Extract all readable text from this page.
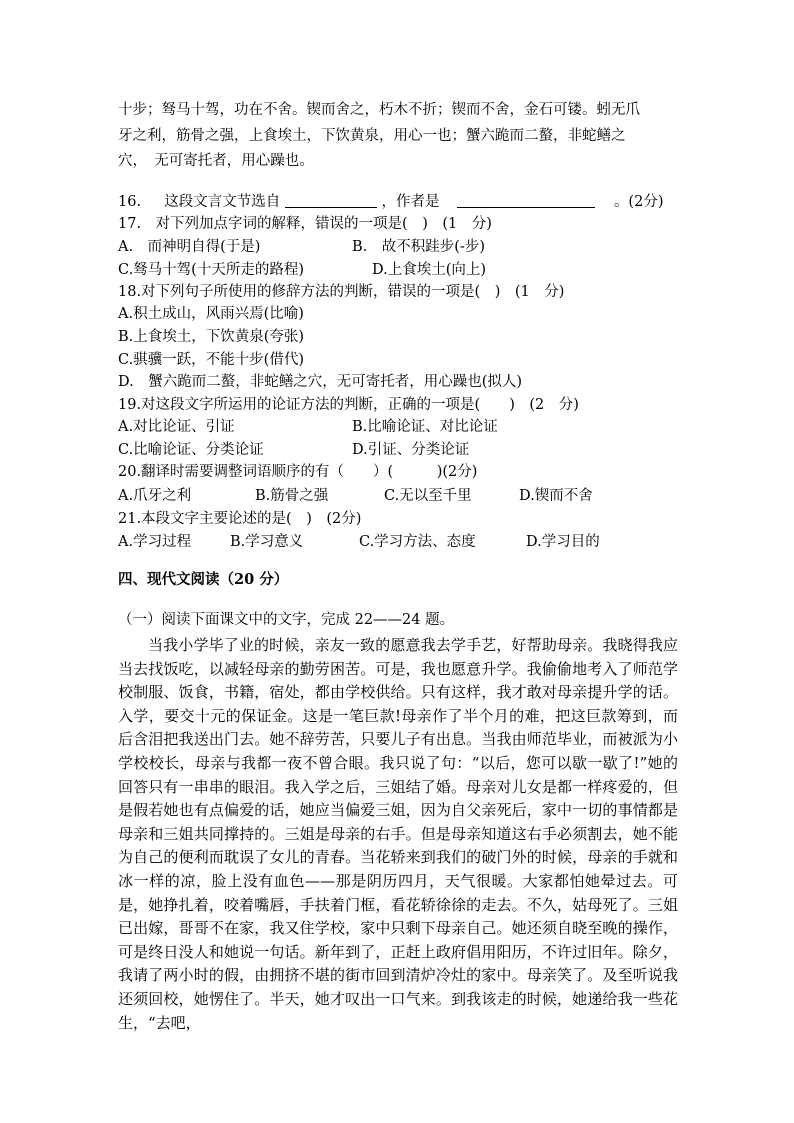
十步；驽马十驾，功在不舍。锲而舍之，朽木不折；锲而不舍，金石可镂。蚓无爪
牙之利，筋骨之强，上食埃土，下饮黄泉，用心一也；蟹六跪而二螯，非蛇鳝之
穴，　无可寄托者，用心躁也。
16. 这段文言文节选自	，作者是	。(2分)
17.　对下列加点字词的解释，错误的一项是(　)　(1　分)
A.　而神明自得(于是)	B.　故不积跬步(-步)
C.驽马十驾(十天所走的路程)	D.上食埃土(向上)
18.对下列句子所使用的修辞方法的判断，错误的一项是(　)　(1　分)
A.积土成山，风雨兴焉(比喻)
B.上食埃土，下饮黄泉(夸张)
C.骐骥一跃，不能十步(借代)
D.　蟹六跪而二螯，非蛇鳝之穴，无可寄托者，用心躁也(拟人)
19.对这段文字所运用的论证方法的判断，正确的一项是(　　)　(2　分)
A.对比论证、引证	B.比喻论证、对比论证
C.比喻论证、分类论证	D.引证、分类论证
20.翻译时需要调整词语顺序的有（　　）(　　　)(2分)
A.爪牙之利	B.筋骨之强	C.无以至千里	D.锲而不舍
21.本段文字主要论述的是(　)　(2分)
A.学习过程	B.学习意义	C.学习方法、态度	D.学习目的
四、现代文阅读（20 分）
（一）阅读下面课文中的文字，完成 22——24 题。

当我小学毕了业的时候，亲友一致的愿意我去学手艺，好帮助母亲。我晓得我应当去找饭吃，以减轻母亲的勤劳困苦。可是，我也愿意升学。我偷偷地考入了师范学校制服、饭食，书籍，宿处，都由学校供给。只有这样，我才敢对母亲提升学的话。入学，要交十元的保证金。这是一笔巨款!母亲作了半个月的难，把这巨款筹到，而后含泪把我送出门去。她不辞劳苦，只要儿子有出息。当我由师范毕业，而被派为小学校校长，母亲与我都一夜不曾合眼。我只说了句：“以后，您可以歇一歇了!”她的回答只有一串串的眼泪。我入学之后，三姐结了婚。母亲对儿女是都一样疼爱的，但是假若她也有点偏爱的话，她应当偏爱三姐，因为自父亲死后，家中一切的事情都是母亲和三姐共同撑持的。三姐是母亲的右手。但是母亲知道这右手必须割去，她不能为自己的便利而耽误了女儿的青春。当花轿来到我们的破门外的时候，母亲的手就和冰一样的凉，脸上没有血色——那是阴历四月，天气很暖。大家都怕她晕过去。可是，她挣扎着，咬着嘴唇，手扶着门框，看花轿徐徐的走去。不久，姑母死了。三姐已出嫁，哥哥不在家，我又住学校，家中只剩下母亲自己。她还须自晓至晚的操作，可是终日没人和她说一句话。新年到了，正赶上政府倡用阳历，不许过旧年。除夕，我请了两小时的假，由拥挤不堪的街市回到清炉冷灶的家中。母亲笑了。及至听说我还须回校，她愣住了。半天，她才叹出一口气来。到我该走的时候，她递给我一些花生，“去吧，
